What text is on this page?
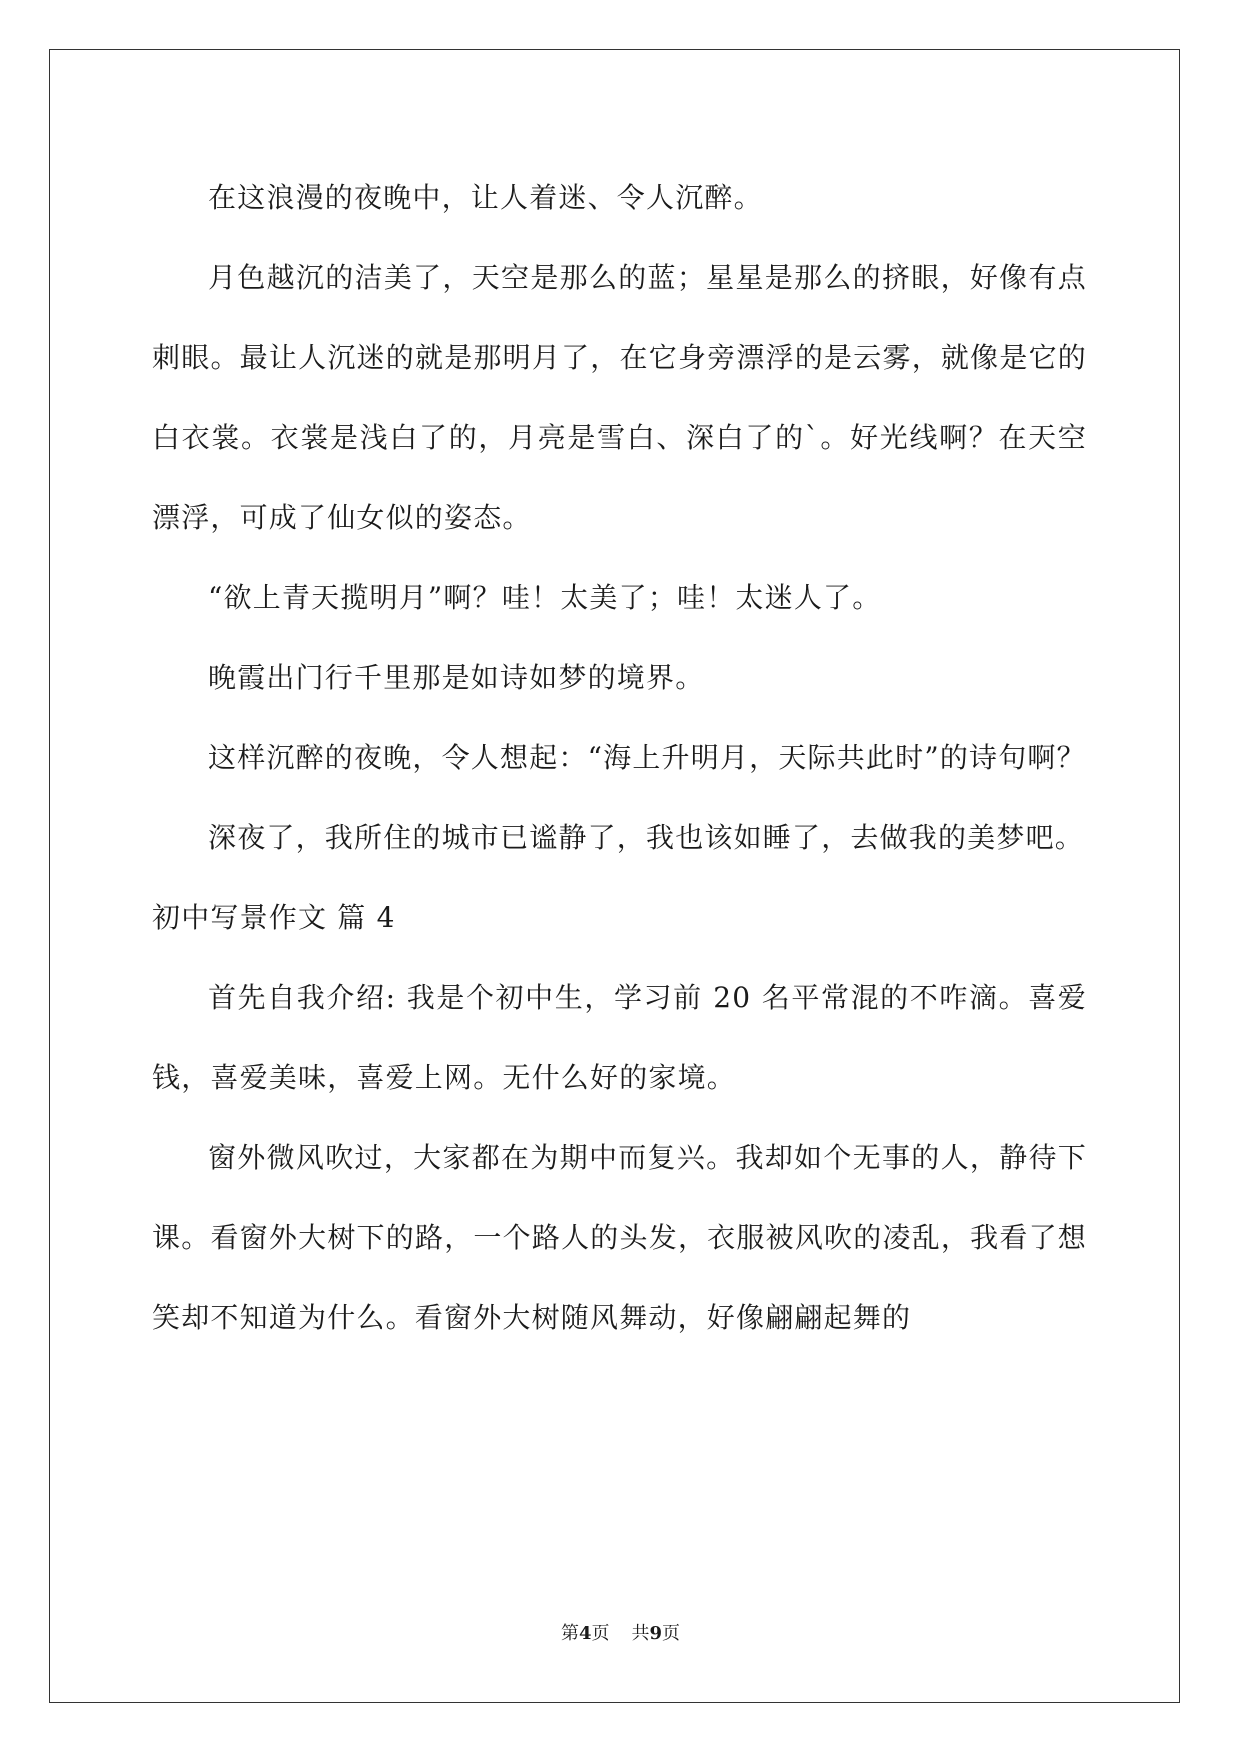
在这浪漫的夜晚中，让人着迷、令人沉醉。

月色越沉的洁美了，天空是那么的蓝；星星是那么的挤眼，好像有点刺眼。最让人沉迷的就是那明月了，在它身旁漂浮的是云雾，就像是它的白衣裳。衣裳是浅白了的，月亮是雪白、深白了的`。好光线啊？在天空漂浮，可成了仙女似的姿态。

“欲上青天揽明月”啊？哇！太美了；哇！太迷人了。

晚霞出门行千里那是如诗如梦的境界。

这样沉醉的夜晚，令人想起：“海上升明月，天际共此时”的诗句啊？

深夜了，我所住的城市已谧静了，我也该如睡了，去做我的美梦吧。

初中写景作文 篇 4

首先自我介绍: 我是个初中生，学习前 20 名平常混的不咋滴。喜爱钱，喜爱美味，喜爱上网。无什么好的家境。

窗外微风吹过，大家都在为期中而复兴。我却如个无事的人，静待下课。看窗外大树下的路，一个路人的头发，衣服被风吹的凌乱，我看了想笑却不知道为什么。看窗外大树随风舞动，好像翩翩起舞的

第4页 共9页
